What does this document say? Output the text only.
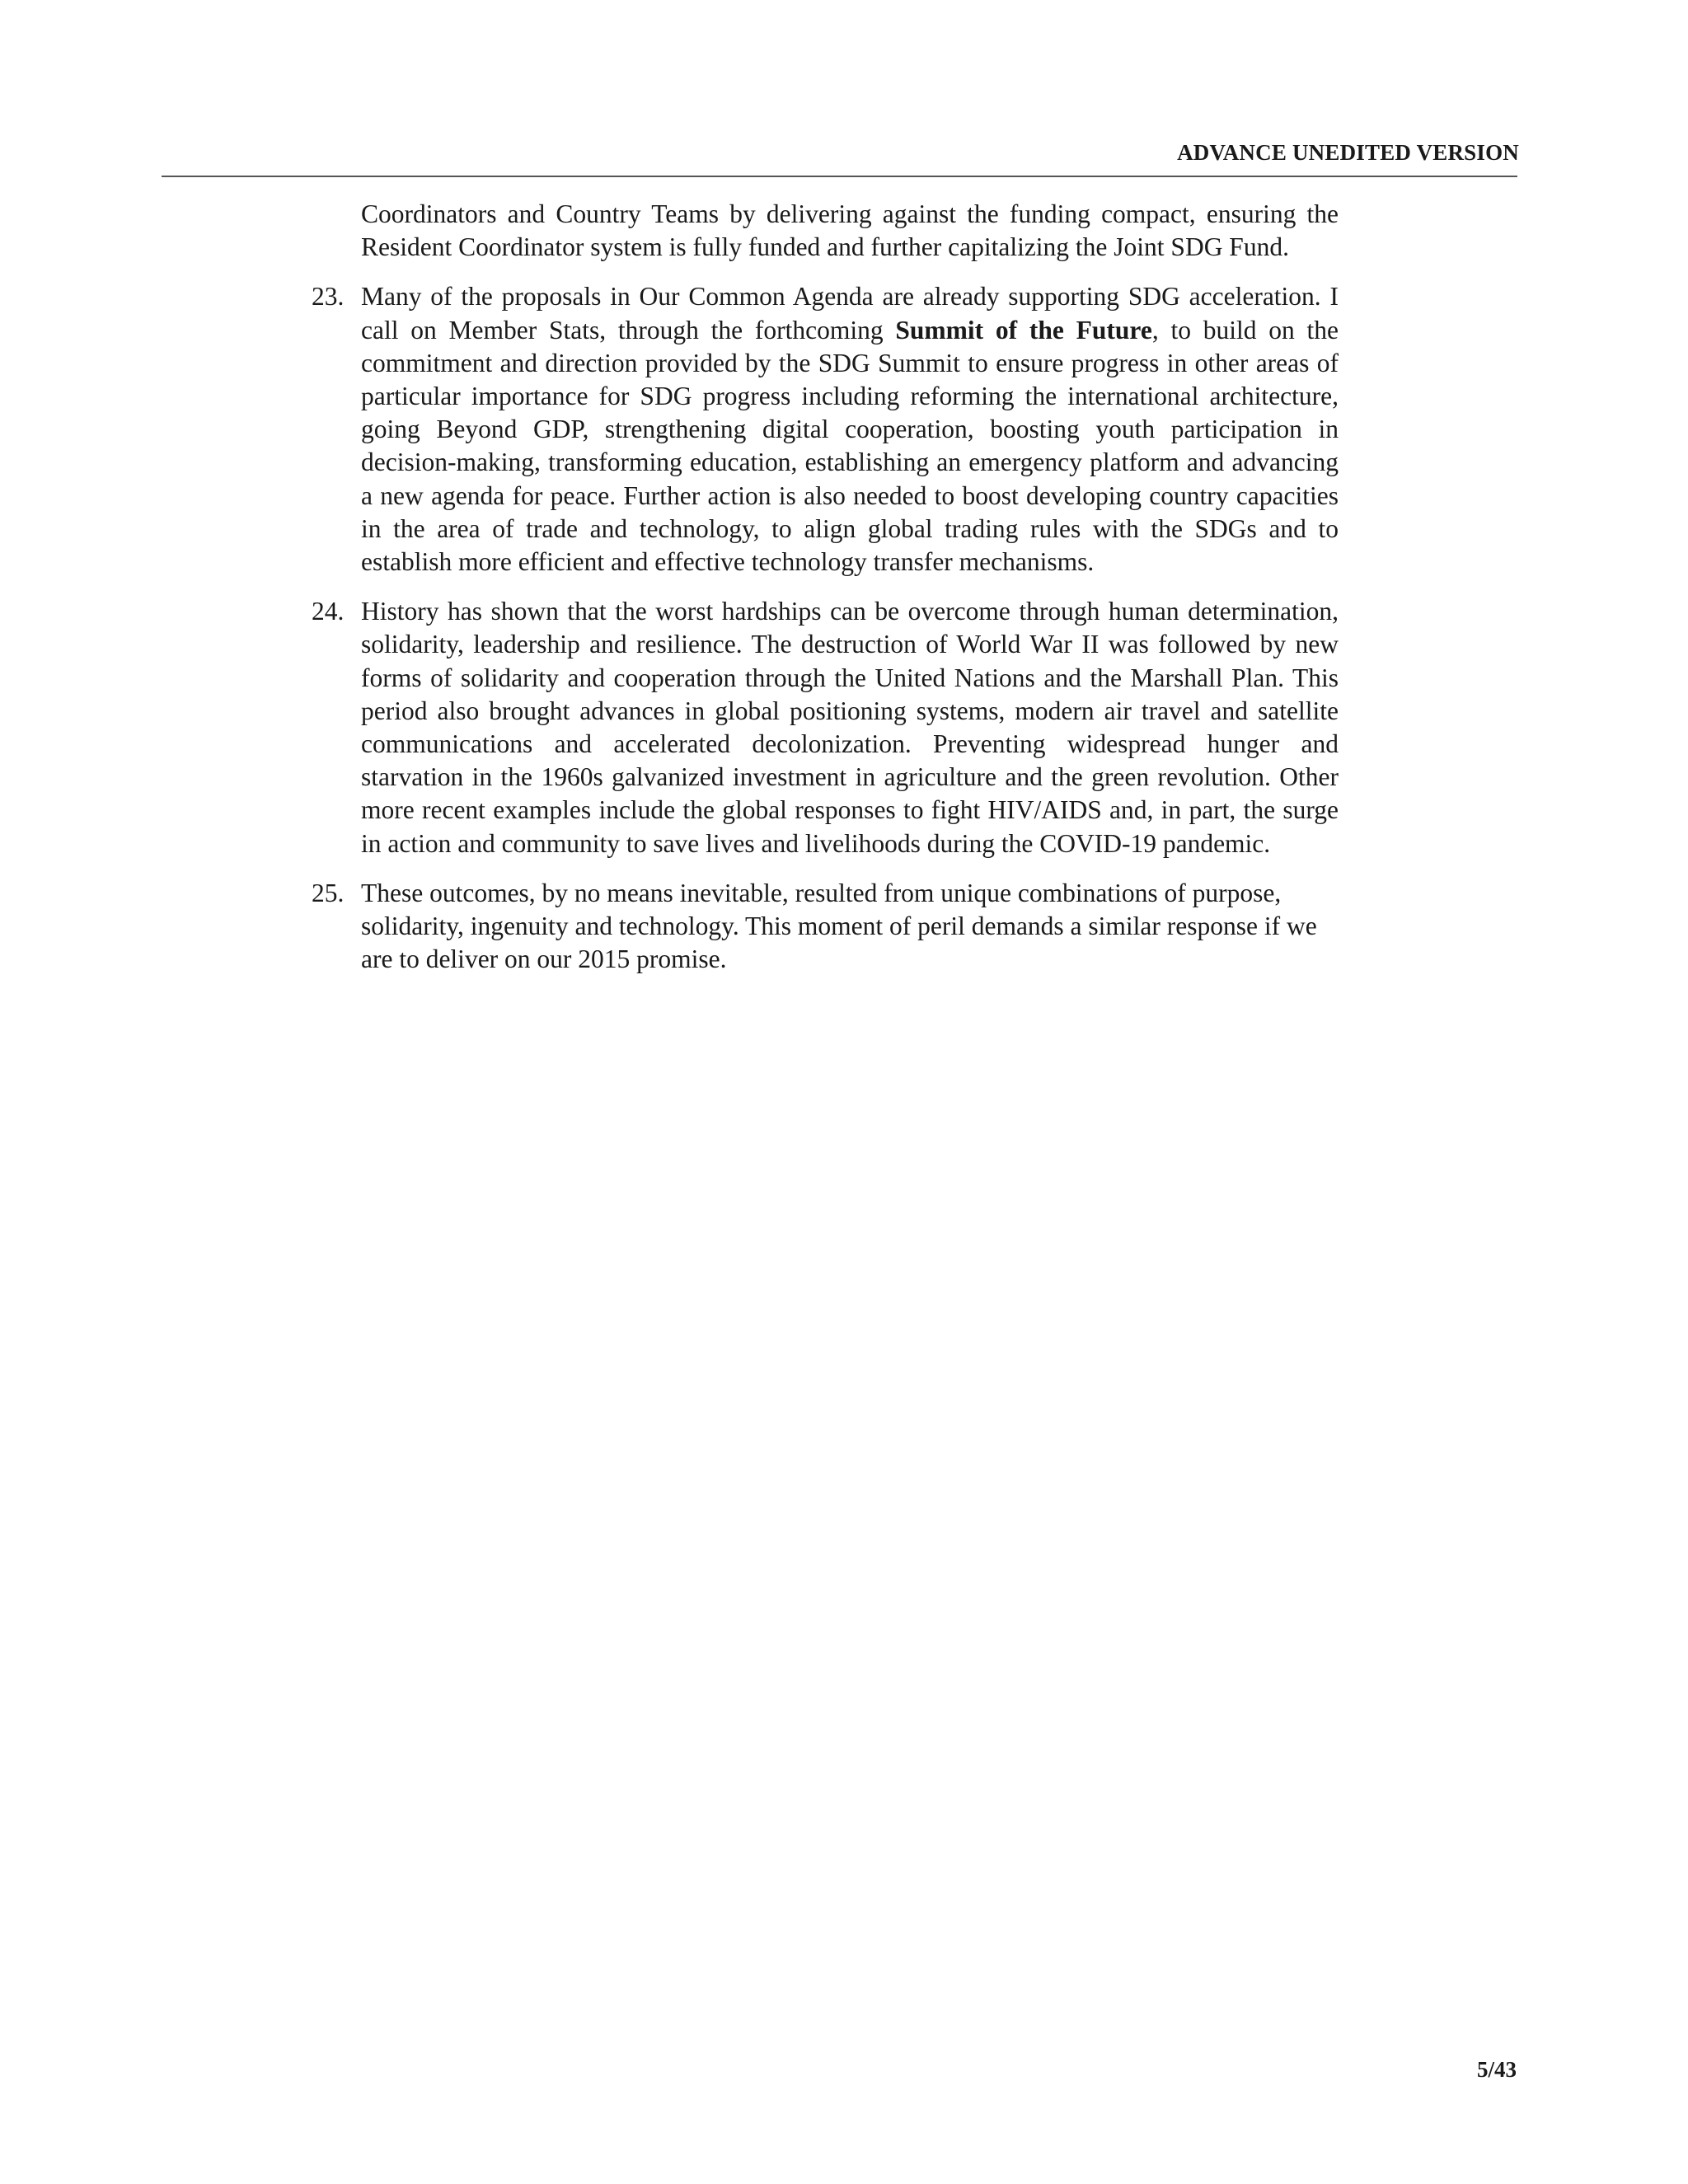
ADVANCE UNEDITED VERSION

Coordinators and Country Teams by delivering against the funding compact, ensuring the Resident Coordinator system is fully funded and further capitalizing the Joint SDG Fund.

23. Many of the proposals in Our Common Agenda are already supporting SDG acceleration. I call on Member Stats, through the forthcoming Summit of the Future, to build on the commitment and direction provided by the SDG Summit to ensure progress in other areas of particular importance for SDG progress including reforming the international architecture, going Beyond GDP, strengthening digital cooperation, boosting youth participation in decision-making, transforming education, establishing an emergency platform and advancing a new agenda for peace. Further action is also needed to boost developing country capacities in the area of trade and technology, to align global trading rules with the SDGs and to establish more efficient and effective technology transfer mechanisms.

24. History has shown that the worst hardships can be overcome through human determination, solidarity, leadership and resilience. The destruction of World War II was followed by new forms of solidarity and cooperation through the United Nations and the Marshall Plan. This period also brought advances in global positioning systems, modern air travel and satellite communications and accelerated decolonization. Preventing widespread hunger and starvation in the 1960s galvanized investment in agriculture and the green revolution. Other more recent examples include the global responses to fight HIV/AIDS and, in part, the surge in action and community to save lives and livelihoods during the COVID-19 pandemic.

25. These outcomes, by no means inevitable, resulted from unique combinations of purpose, solidarity, ingenuity and technology. This moment of peril demands a similar response if we are to deliver on our 2015 promise.

5/43
